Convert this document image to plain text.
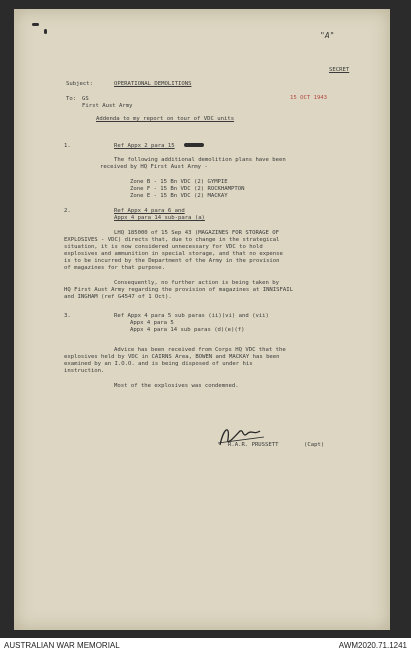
"A"
SECRET
Subject:	OPERATIONAL DEMOLITIONS
To: GS
First Aust Army
15 OCT 1943
Addenda to my report on tour of VDC units
1.	Ref Appx 2 para 15
The following additional demolition plans have been
received by HQ First Aust Army -
Zone B - 15 Bn VDC (2) GYMPIE
Zone F - 15 Bn VDC (2) ROCKHAMPTON
Zone E - 15 Bn VDC (2) MACKAY
2.	Ref Appx 4 para 6 and
Appx 4 para 14 sub-para (a)
LHQ 185000 of 15 Sep 43 (MAGAZINES FOR STORAGE OF
EXPLOSIVES - VDC) directs that, due to change in the strategical
situation, it is now considered unnecessary for VDC to hold
explosives and ammunition in special storage, and that no expense
is to be incurred by the Department of the Army in the provision
of magazines for that purpose.
Consequently, no further action is being taken by
HQ First Aust Army regarding the provision of magazines at INNISFAIL
and INGHAM (ref G4547 of 1 Oct).
3.	Ref Appx 4 para 5 sub paras (ii)(vi) and (vii)
Appx 4 para 5
Appx 4 para 14 sub paras (d)(e)(f)
Advice has been received from Corps HQ VDC that the
explosives held by VDC in CAIRNS Area, BOWEN and MACKAY has been
examined by an I.O.O. and is being disposed of under his
instruction.
Most of the explosives was condemned.
R.A.R. PRUSSETT	(Capt)
AUSTRALIAN WAR MEMORIAL	AWM2020.71.1241
